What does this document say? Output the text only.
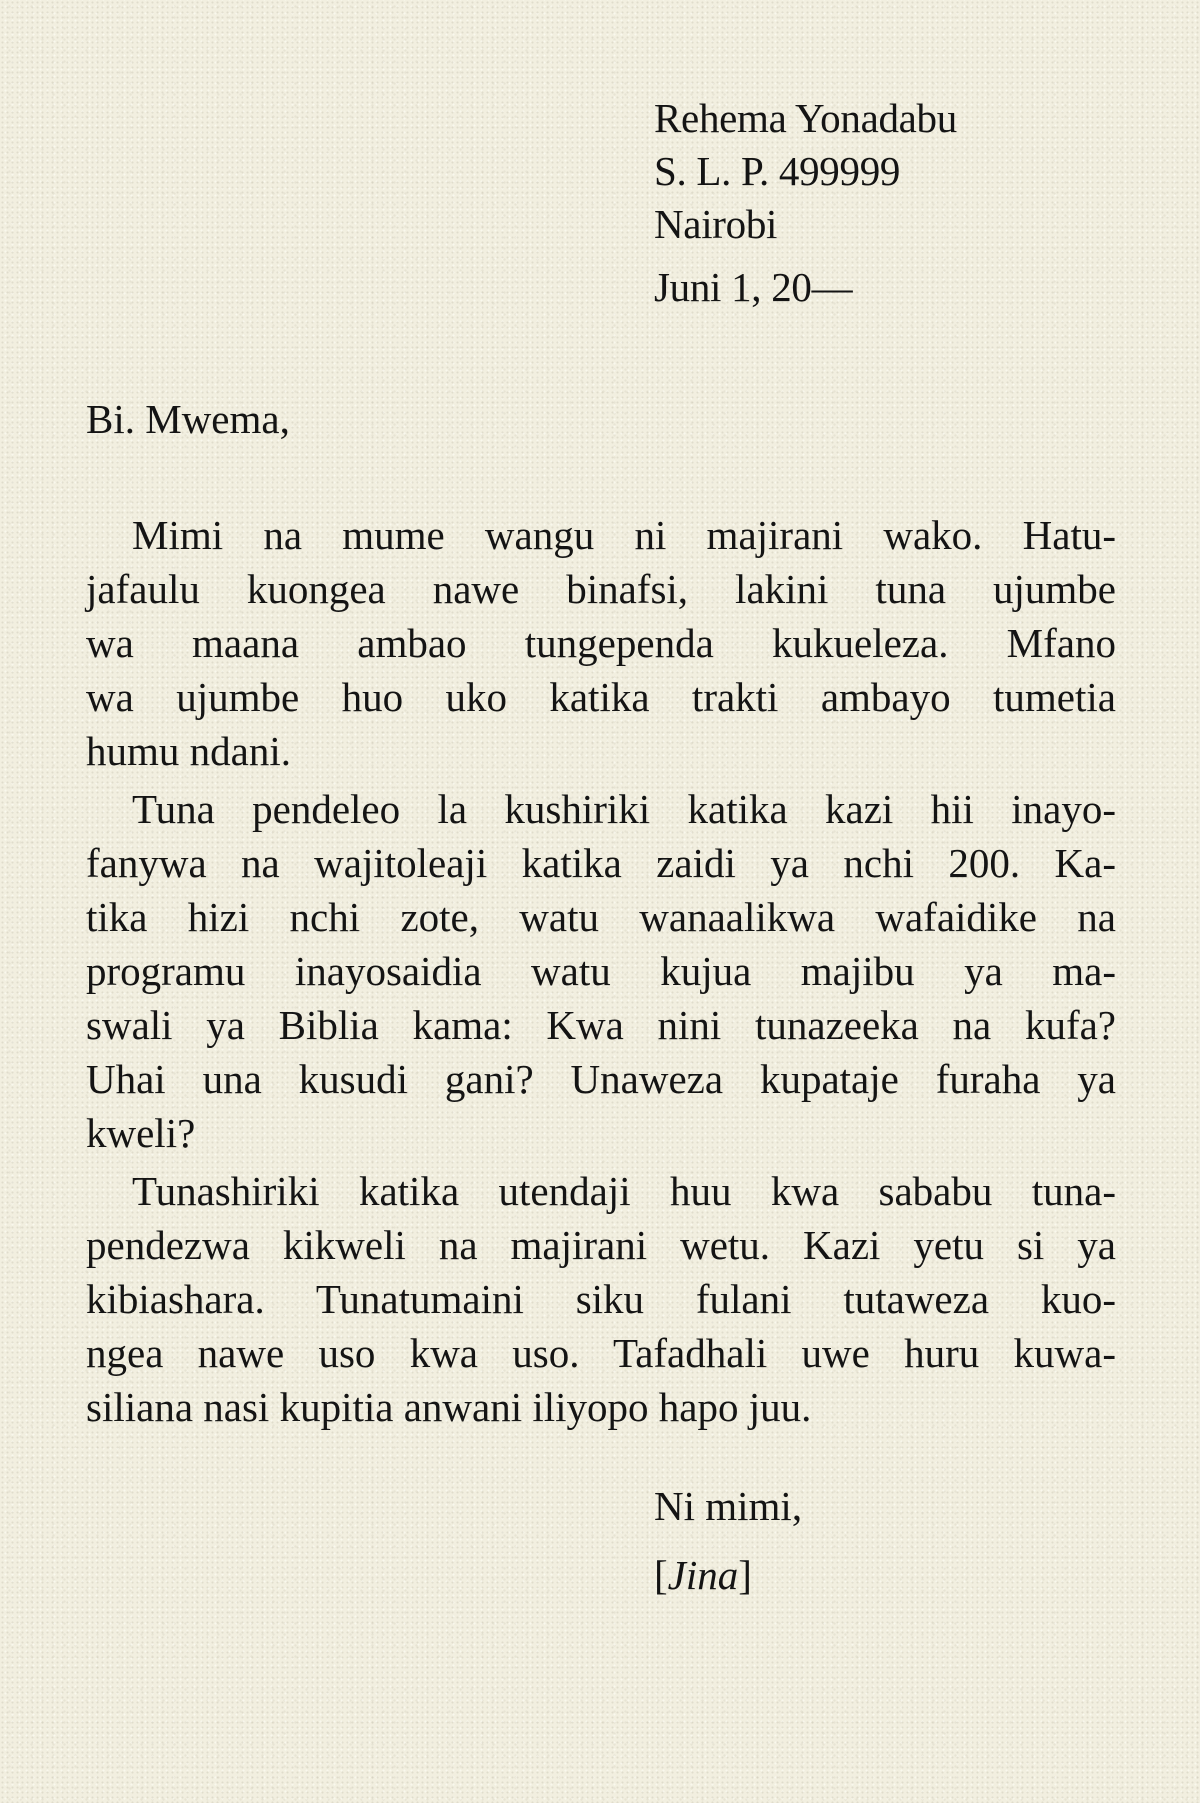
Rehema Yonadabu
S. L. P. 499999
Nairobi
Juni 1, 20—
Bi. Mwema,
Mimi na mume wangu ni majirani wako. Hatu-
jafaulu kuongea nawe binafsi, lakini tuna ujumbe
wa maana ambao tungependa kukueleza. Mfano
wa ujumbe huo uko katika trakti ambayo tumetia
humu ndani.
Tuna pendeleo la kushiriki katika kazi hii inayo-
fanywa na wajitoleaji katika zaidi ya nchi 200. Ka-
tika hizi nchi zote, watu wanaalikwa wafaidike na
programu inayosaidia watu kujua majibu ya ma-
swali ya Biblia kama: Kwa nini tunazeeka na kufa?
Uhai una kusudi gani? Unaweza kupataje furaha ya
kweli?
Tunashiriki katika utendaji huu kwa sababu tuna-
pendezwa kikweli na majirani wetu. Kazi yetu si ya
kibiashara. Tunatumaini siku fulani tutaweza kuo-
ngea nawe uso kwa uso. Tafadhali uwe huru kuwa-
siliana nasi kupitia anwani iliyopo hapo juu.
Ni mimi,
[Jina]
